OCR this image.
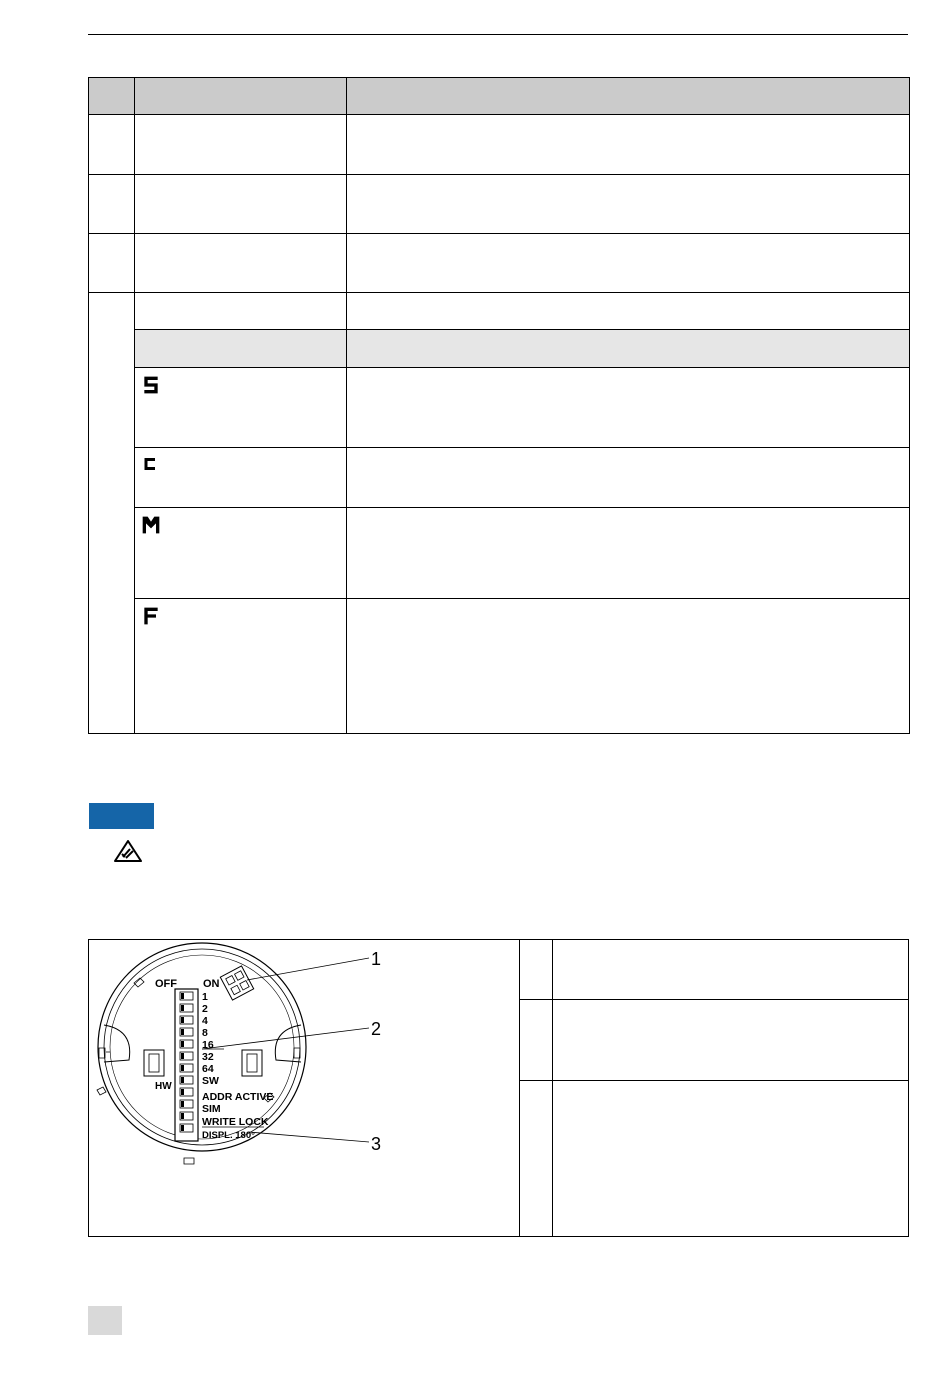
OFF ON
HW
1
2
4
8
16
32
64
SW
ADDR ACTIVE
SIM
WRITE LOCK
DISPL. 180°
1
2
3
